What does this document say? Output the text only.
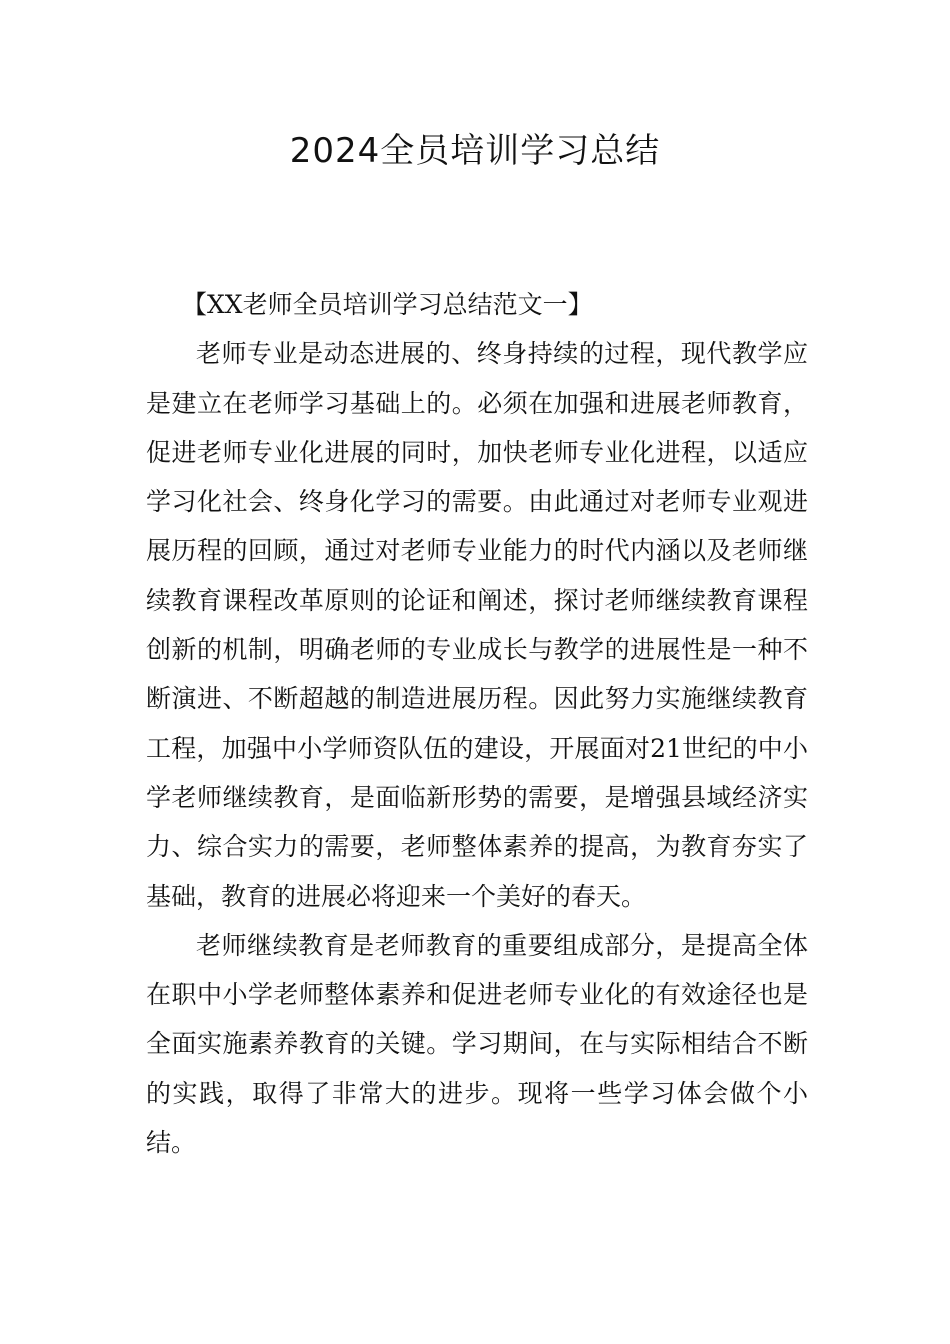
2024全员培训学习总结

【XX老师全员培训学习总结范文一】

老师专业是动态进展的、终身持续的过程，现代教学应是建立在老师学习基础上的。必须在加强和进展老师教育，促进老师专业化进展的同时，加快老师专业化进程，以适应学习化社会、终身化学习的需要。由此通过对老师专业观进展历程的回顾，通过对老师专业能力的时代内涵以及老师继续教育课程改革原则的论证和阐述，探讨老师继续教育课程创新的机制，明确老师的专业成长与教学的进展性是一种不断演进、不断超越的制造进展历程。因此努力实施继续教育工程，加强中小学师资队伍的建设，开展面对21世纪的中小学老师继续教育，是面临新形势的需要，是增强县域经济实力、综合实力的需要，老师整体素养的提高，为教育夯实了基础，教育的进展必将迎来一个美好的春天。

老师继续教育是老师教育的重要组成部分，是提高全体在职中小学老师整体素养和促进老师专业化的有效途径也是全面实施素养教育的关键。学习期间，在与实际相结合不断的实践，取得了非常大的进步。现将一些学习体会做个小结。
